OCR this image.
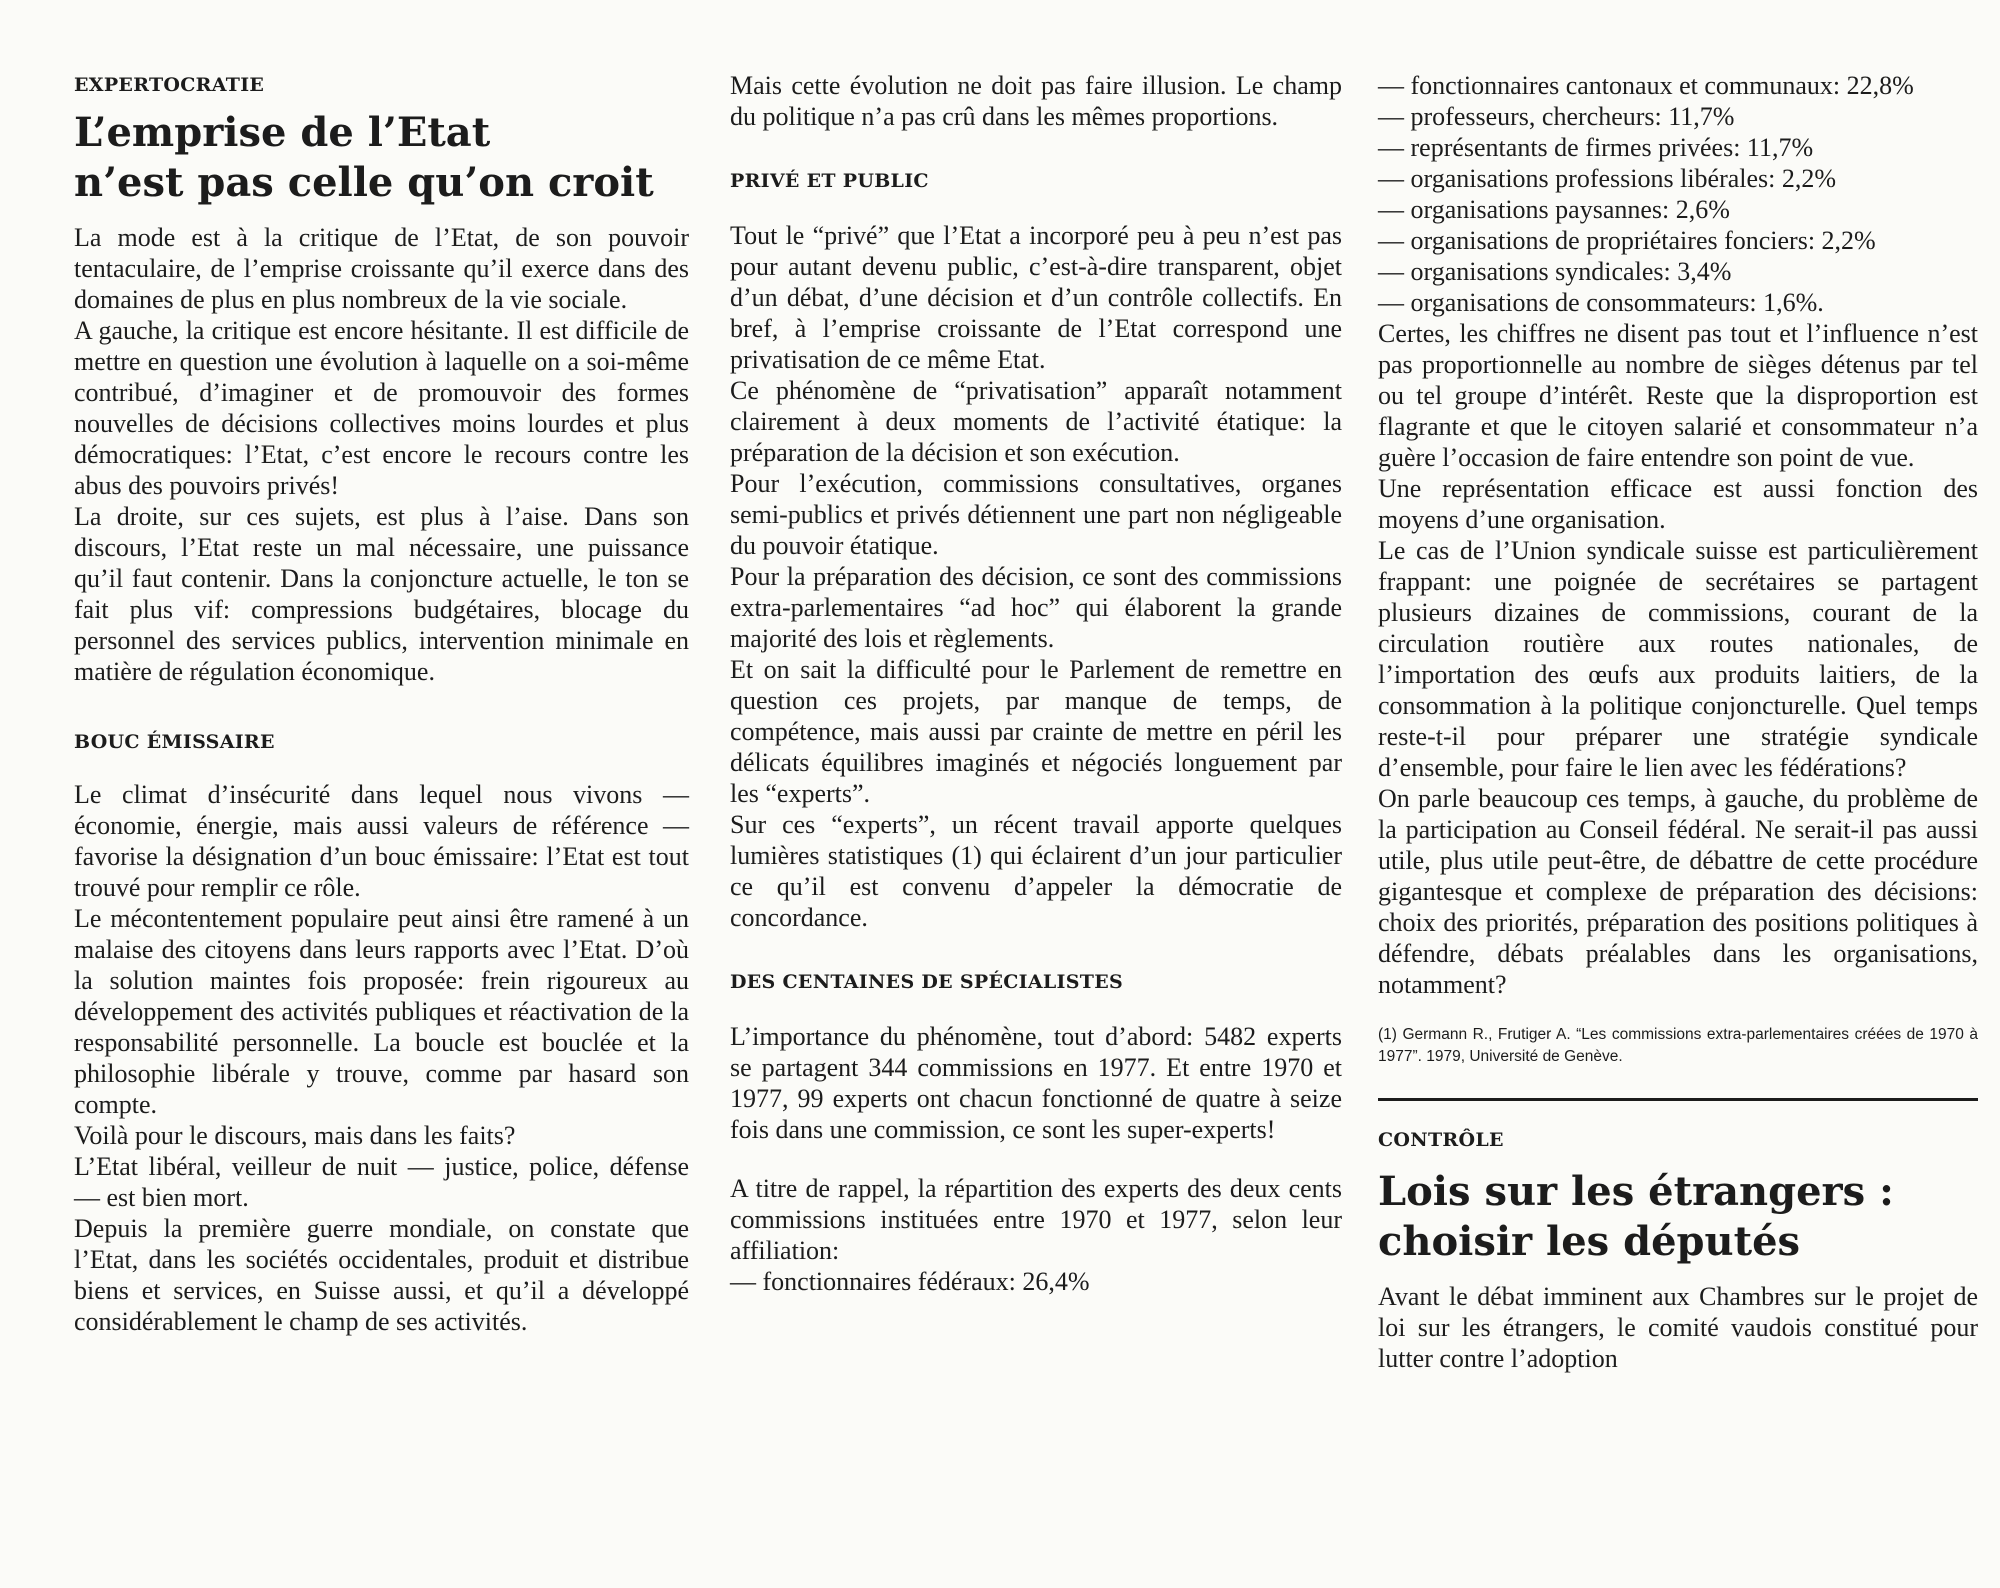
EXPERTOCRATIE
L’emprise de l’Etat
n’est pas celle qu’on croit

La mode est à la critique de l’Etat, de son pouvoir tentaculaire, de l’emprise croissante qu’il exerce dans des domaines de plus en plus nombreux de la vie sociale.

A gauche, la critique est encore hésitante. Il est difficile de mettre en question une évolution à laquelle on a soi-même contribué, d’imaginer et de promouvoir des formes nouvelles de décisions collectives moins lourdes et plus démocratiques: l’Etat, c’est encore le recours contre les abus des pouvoirs privés!

La droite, sur ces sujets, est plus à l’aise. Dans son discours, l’Etat reste un mal nécessaire, une puissance qu’il faut contenir. Dans la conjoncture actuelle, le ton se fait plus vif: compressions budgétaires, blocage du personnel des services publics, intervention minimale en matière de régulation économique.

BOUC ÉMISSAIRE

Le climat d’insécurité dans lequel nous vivons — économie, énergie, mais aussi valeurs de référence — favorise la désignation d’un bouc émissaire: l’Etat est tout trouvé pour remplir ce rôle.

Le mécontentement populaire peut ainsi être ramené à un malaise des citoyens dans leurs rapports avec l’Etat. D’où la solution maintes fois proposée: frein rigoureux au développement des activités publiques et réactivation de la responsabilité personnelle. La boucle est bouclée et la philosophie libérale y trouve, comme par hasard son compte.

Voilà pour le discours, mais dans les faits?

L’Etat libéral, veilleur de nuit — justice, police, défense — est bien mort.

Depuis la première guerre mondiale, on constate que l’Etat, dans les sociétés occidentales, produit et distribue biens et services, en Suisse aussi, et qu’il a développé considérablement le champ de ses activités.

Mais cette évolution ne doit pas faire illusion. Le champ du politique n’a pas crû dans les mêmes proportions.

PRIVÉ ET PUBLIC

Tout le “privé” que l’Etat a incorporé peu à peu n’est pas pour autant devenu public, c’est-à-dire transparent, objet d’un débat, d’une décision et d’un contrôle collectifs. En bref, à l’emprise croissante de l’Etat correspond une privatisation de ce même Etat.

Ce phénomène de “privatisation” apparaît notamment clairement à deux moments de l’activité étatique: la préparation de la décision et son exécution.

Pour l’exécution, commissions consultatives, organes semi-publics et privés détiennent une part non négligeable du pouvoir étatique.

Pour la préparation des décision, ce sont des commissions extra-parlementaires “ad hoc” qui élaborent la grande majorité des lois et règlements.

Et on sait la difficulté pour le Parlement de remettre en question ces projets, par manque de temps, de compétence, mais aussi par crainte de mettre en péril les délicats équilibres imaginés et négociés longuement par les “experts”.

Sur ces “experts”, un récent travail apporte quelques lumières statistiques (1) qui éclairent d’un jour particulier ce qu’il est convenu d’appeler la démocratie de concordance.

DES CENTAINES DE SPÉCIALISTES

L’importance du phénomène, tout d’abord: 5482 experts se partagent 344 commissions en 1977. Et entre 1970 et 1977, 99 experts ont chacun fonctionné de quatre à seize fois dans une commission, ce sont les super-experts!

A titre de rappel, la répartition des experts des deux cents commissions instituées entre 1970 et 1977, selon leur affiliation:

— fonctionnaires fédéraux: 26,4%

— fonctionnaires cantonaux et communaux: 22,8%

— professeurs, chercheurs: 11,7%

— représentants de firmes privées: 11,7%

— organisations professions libérales: 2,2%

— organisations paysannes: 2,6%

— organisations de propriétaires fonciers: 2,2%

— organisations syndicales: 3,4%

— organisations de consommateurs: 1,6%.

Certes, les chiffres ne disent pas tout et l’influence n’est pas proportionnelle au nombre de sièges détenus par tel ou tel groupe d’intérêt. Reste que la disproportion est flagrante et que le citoyen salarié et consommateur n’a guère l’occasion de faire entendre son point de vue.

Une représentation efficace est aussi fonction des moyens d’une organisation.

Le cas de l’Union syndicale suisse est particulièrement frappant: une poignée de secrétaires se partagent plusieurs dizaines de commissions, courant de la circulation routière aux routes nationales, de l’importation des œufs aux produits laitiers, de la consommation à la politique conjoncturelle. Quel temps reste-t-il pour préparer une stratégie syndicale d’ensemble, pour faire le lien avec les fédérations?

On parle beaucoup ces temps, à gauche, du problème de la participation au Conseil fédéral. Ne serait-il pas aussi utile, plus utile peut-être, de débattre de cette procédure gigantesque et complexe de préparation des décisions: choix des priorités, préparation des positions politiques à défendre, débats préalables dans les organisations, notamment?

(1) Germann R., Frutiger A. “Les commissions extra-parlementaires créées de 1970 à 1977”. 1979, Université de Genève.

CONTRÔLE
Lois sur les étrangers :
choisir les députés

Avant le débat imminent aux Chambres sur le projet de loi sur les étrangers, le comité vaudois constitué pour lutter contre l’adoption
